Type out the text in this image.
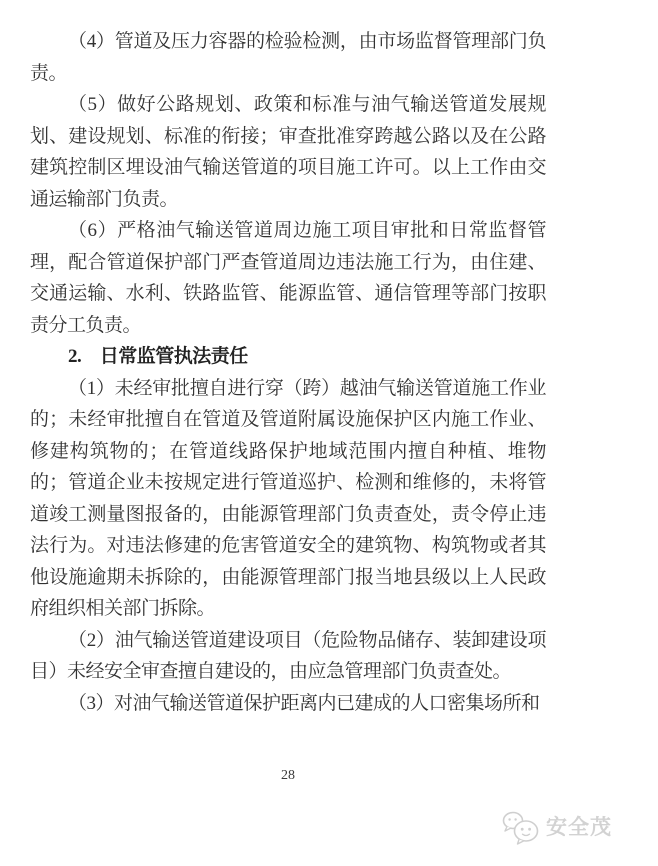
（4）管道及压力容器的检验检测，由市场监督管理部门负责。

（5）做好公路规划、政策和标准与油气输送管道发展规划、建设规划、标准的衔接；审查批准穿跨越公路以及在公路建筑控制区埋设油气输送管道的项目施工许可。以上工作由交通运输部门负责。

（6）严格油气输送管道周边施工项目审批和日常监督管理，配合管道保护部门严查管道周边违法施工行为，由住建、交通运输、水利、铁路监管、能源监管、通信管理等部门按职责分工负责。

2.　日常监管执法责任

（1）未经审批擅自进行穿（跨）越油气输送管道施工作业的；未经审批擅自在管道及管道附属设施保护区内施工作业、修建构筑物的；在管道线路保护地域范围内擅自种植、堆物的；管道企业未按规定进行管道巡护、检测和维修的，未将管道竣工测量图报备的，由能源管理部门负责查处，责令停止违法行为。对违法修建的危害管道安全的建筑物、构筑物或者其他设施逾期未拆除的，由能源管理部门报当地县级以上人民政府组织相关部门拆除。

（2）油气输送管道建设项目（危险物品储存、装卸建设项目）未经安全审查擅自建设的，由应急管理部门负责查处。

（3）对油气输送管道保护距离内已建成的人口密集场所和

28
安全茂
